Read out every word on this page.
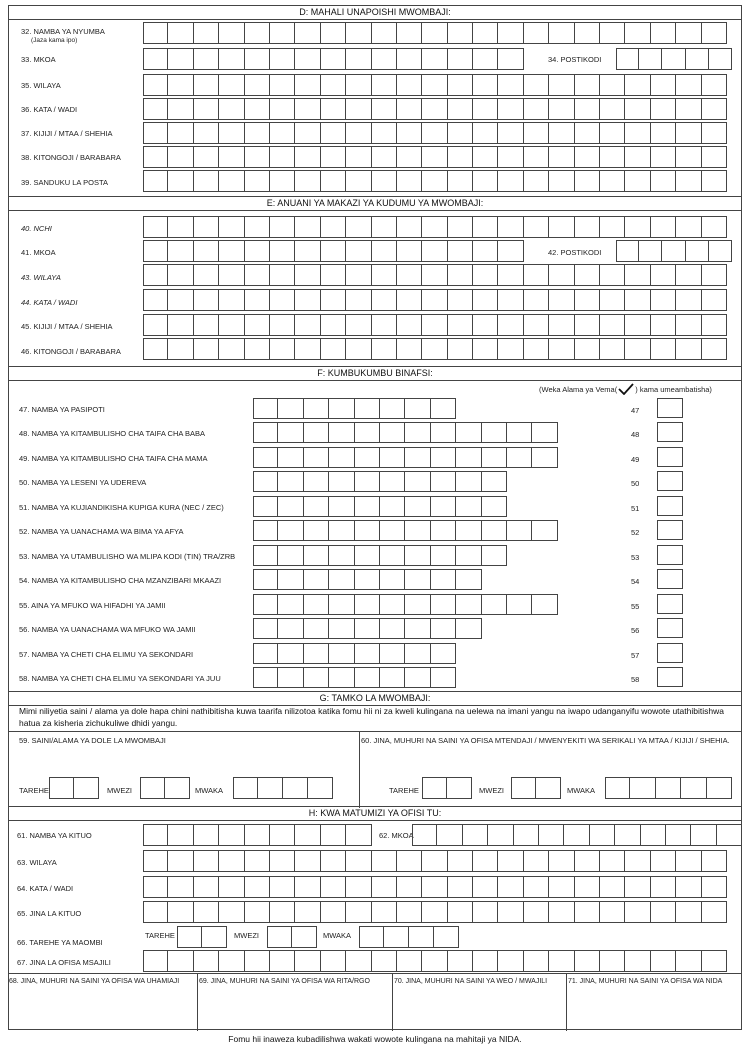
D: MAHALI UNAPOISHI MWOMBAJI:
32. NAMBA YA NYUMBA
(Jaza kama ipo)
33. MKOA	34. POSTIKODI
35. WILAYA
36. KATA / WADI
37. KIJIJI / MTAA / SHEHIA
38. KITONGOJI / BARABARA
39. SANDUKU LA POSTA
E: ANUANI YA MAKAZI YA KUDUMU YA MWOMBAJI:
40. NCHI
41. MKOA	42. POSTIKODI
43. WILAYA
44. KATA / WADI
45. KIJIJI / MTAA / SHEHIA
46. KITONGOJI / BARABARA
F: KUMBUKUMBU BINAFSI:
(Weka Alama ya Vema( ) kama umeambatisha)
G: TAMKO LA MWOMBAJI:
Mimi niliyetia saini / alama ya dole hapa chini nathibitisha kuwa taarifa nilizotoa katika fomu hii ni za kweli kulingana na uelewa na imani yangu na iwapo udanganyifu wowote utathibitishwa hatua za kisheria zichukuliwe dhidi yangu.
59. SAINI/ALAMA YA DOLE LA MWOMBAJI	60. JINA, MUHURI NA SAINI YA OFISA MTENDAJI / MWENYEKITI WA SERIKALI YA MTAA / KIJIJI / SHEHIA.
TAREHE	MWEZI	MWAKA	TAREHE	MWEZI	MWAKA
H: KWA MATUMIZI YA OFISI TU:
61. NAMBA YA KITUO	62. MKOA
63. WILAYA
64. KATA / WADI
65. JINA LA KITUO
66. TAREHE YA MAOMBI
TAREHE	MWEZI	MWAKA
67. JINA LA OFISA MSAJILI
68. JINA, MUHURI NA SAINI YA OFISA WA UHAMIAJI	69. JINA, MUHURI NA SAINI YA OFISA WA RITA/RGO	70. JINA, MUHURI NA SAINI YA WEO / MWAJILI	71. JINA, MUHURI NA SAINI YA OFISA WA NIDA
47. NAMBA YA PASIPOTI	47
48. NAMBA YA KITAMBULISHO CHA TAIFA CHA BABA	48
49. NAMBA YA KITAMBULISHO CHA TAIFA CHA MAMA	49
50. NAMBA YA LESENI YA UDEREVA	50
51. NAMBA YA KUJIANDIKISHA KUPIGA KURA (NEC / ZEC)	51
52. NAMBA YA UANACHAMA WA BIMA YA AFYA	52
53. NAMBA YA UTAMBULISHO WA MLIPA KODI (TIN) TRA/ZRB	53
54. NAMBA YA KITAMBULISHO CHA MZANZIBARI MKAAZI	54
55. AINA YA MFUKO WA HIFADHI YA JAMII	55
56. NAMBA YA UANACHAMA WA MFUKO WA JAMII	56
57. NAMBA YA CHETI CHA ELIMU YA SEKONDARI	57
58. NAMBA YA CHETI CHA ELIMU YA SEKONDARI YA JUU	58
Fomu hii inaweza kubadilishwa wakati wowote kulingana na mahitaji ya NIDA.
